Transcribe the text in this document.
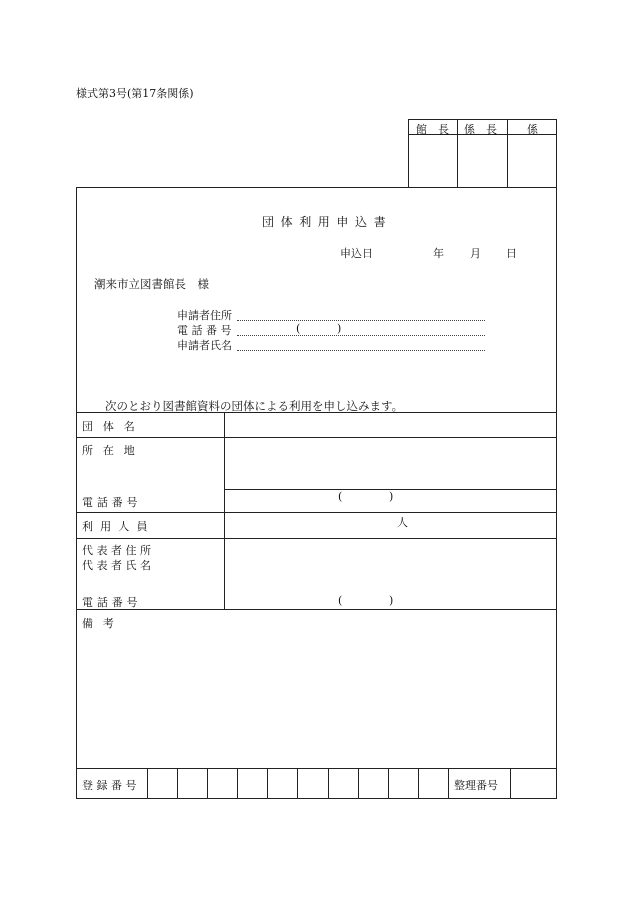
様式第3号(第17条関係)
館　長 係　長	係
団体利用申込書
申込日	年 月 日
潮来市立図書館長　様
申請者住所
電 話 番 号	(	)
申請者氏名
次のとおり図書館資料の団体による利用を申し込みます。
団体名
所在地
電話番号	(	)
利用人員	人
代 表 者 住 所
代 表 者 氏 名
電話番号	(	)
備考
登 録 番 号	整理番号
